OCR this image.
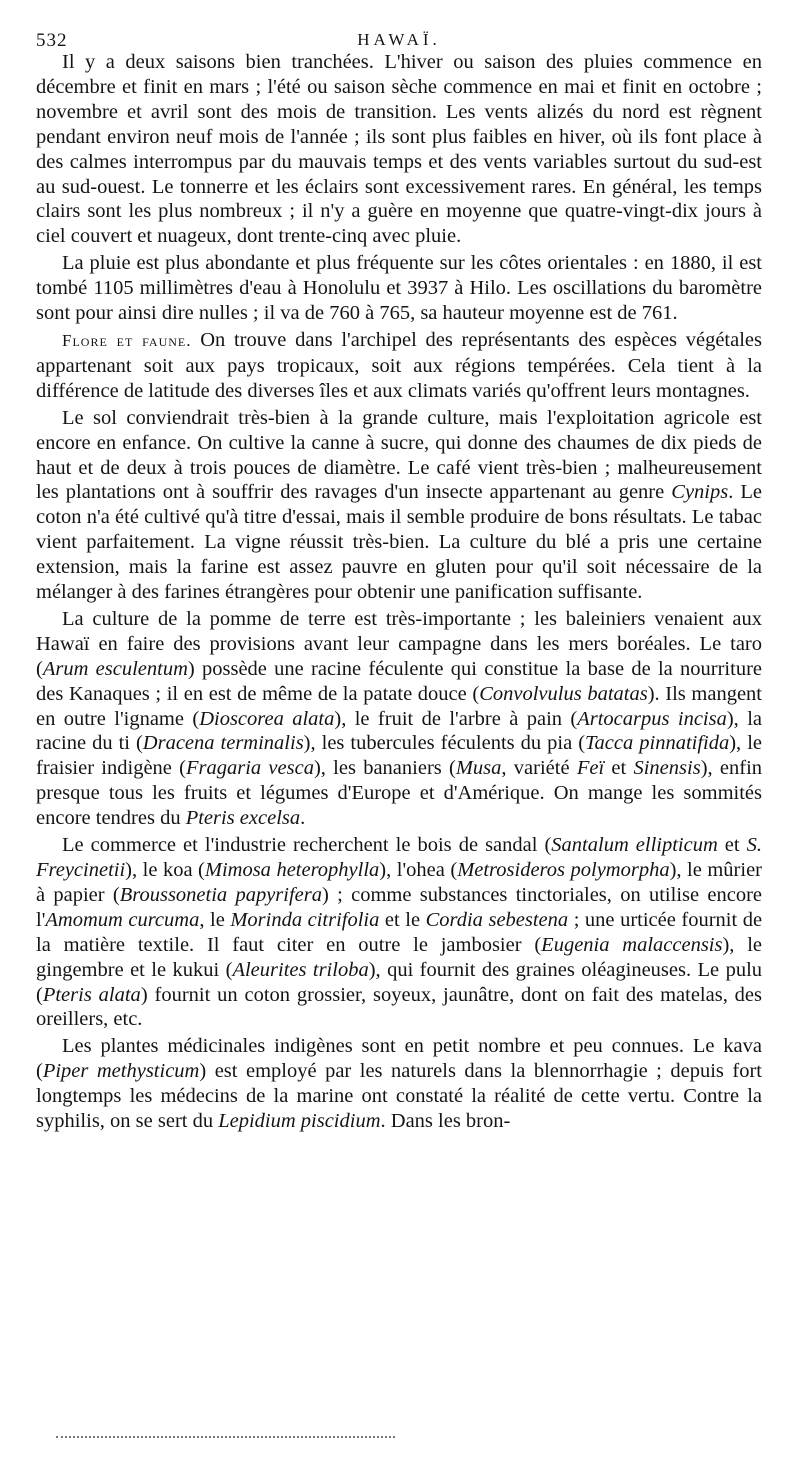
532	HAWAÏ.

Il y a deux saisons bien tranchées. L'hiver ou saison des pluies commence en décembre et finit en mars ; l'été ou saison sèche commence en mai et finit en octobre ; novembre et avril sont des mois de transition. Les vents alizés du nord est règnent pendant environ neuf mois de l'année ; ils sont plus faibles en hiver, où ils font place à des calmes interrompus par du mauvais temps et des vents variables surtout du sud-est au sud-ouest. Le tonnerre et les éclairs sont excessivement rares. En général, les temps clairs sont les plus nombreux ; il n'y a guère en moyenne que quatre-vingt-dix jours à ciel couvert et nuageux, dont trente-cinq avec pluie.

La pluie est plus abondante et plus fréquente sur les côtes orientales : en 1880, il est tombé 1105 millimètres d'eau à Honolulu et 3937 à Hilo. Les oscillations du baromètre sont pour ainsi dire nulles ; il va de 760 à 765, sa hauteur moyenne est de 761.

Flore et faune. On trouve dans l'archipel des représentants des espèces végétales appartenant soit aux pays tropicaux, soit aux régions tempérées. Cela tient à la différence de latitude des diverses îles et aux climats variés qu'offrent leurs montagnes.

Le sol conviendrait très-bien à la grande culture, mais l'exploitation agricole est encore en enfance. On cultive la canne à sucre, qui donne des chaumes de dix pieds de haut et de deux à trois pouces de diamètre. Le café vient très-bien ; malheureusement les plantations ont à souffrir des ravages d'un insecte appartenant au genre Cynips. Le coton n'a été cultivé qu'à titre d'essai, mais il semble produire de bons résultats. Le tabac vient parfaitement. La vigne réussit très-bien. La culture du blé a pris une certaine extension, mais la farine est assez pauvre en gluten pour qu'il soit nécessaire de la mélanger à des farines étrangères pour obtenir une panification suffisante.

La culture de la pomme de terre est très-importante ; les baleiniers venaient aux Hawaï en faire des provisions avant leur campagne dans les mers boréales. Le taro (Arum esculentum) possède une racine féculente qui constitue la base de la nourriture des Kanaques ; il en est de même de la patate douce (Convolvulus batatas). Ils mangent en outre l'igname (Dioscorea alata), le fruit de l'arbre à pain (Artocarpus incisa), la racine du ti (Dracena terminalis), les tubercules féculents du pia (Tacca pinnatifida), le fraisier indigène (Fragaria vesca), les bananiers (Musa, variété Feï et Sinensis), enfin presque tous les fruits et légumes d'Europe et d'Amérique. On mange les sommités encore tendres du Pteris excelsa.

Le commerce et l'industrie recherchent le bois de sandal (Santalum ellipticum et S. Freycinetii), le koa (Mimosa heterophylla), l'ohea (Metrosideros polymorpha), le mûrier à papier (Broussonetia papyrifera) ; comme substances tinctoriales, on utilise encore l'Amomum curcuma, le Morinda citrifolia et le Cordia sebestena ; une urticée fournit de la matière textile. Il faut citer en outre le jambosier (Eugenia malaccensis), le gingembre et le kukui (Aleurites triloba), qui fournit des graines oléagineuses. Le pulu (Pteris alata) fournit un coton grossier, soyeux, jaunâtre, dont on fait des matelas, des oreillers, etc.

Les plantes médicinales indigènes sont en petit nombre et peu connues. Le kava (Piper methysticum) est employé par les naturels dans la blennorrhagie ; depuis fort longtemps les médecins de la marine ont constaté la réalité de cette vertu. Contre la syphilis, on se sert du Lepidium piscidium. Dans les bron-
